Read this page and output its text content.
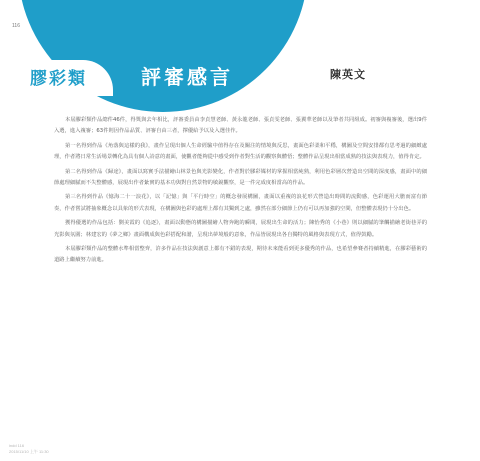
116
膠彩類	評審感言	陳英文

本屆膠彩類作品總件46件，得獎與去年相比，評審委員由李貞慧老師、黃永龍老師、張貞雯老師、張翼華老師以及筆者共同組成。初審與複審後，選出9件入選，進入複審；63件則因作品品質、評審自由三者，擇優給予以及入選佳作。

第一名得到作品《角落與這樣的我》，畫作呈現出個人生命經驗中值得存在及關注的情境與反思，畫面色彩柔和平穩，構圖及空間安排都有思考過的細緻處理，作者將日常生活場景轉化為具有個人詩意的畫面，使觀者能夠從中感受到作者對生活的觀察與體悟；整體作品呈現出相當成熟的技法與表現力，值得肯定。

第二名得到作品《歸途》，畫面以寫實手法描繪山林景色與光影變化，作者對於膠彩媒材的掌握相當純熟，利用色彩層次營造出空間的深度感，畫面中的細節處理細膩而不失整體感，展現出作者紮實的基本功與對自然景物的敏銳觀察，是一件完成度相當高的作品。

第三名得到作品《憶海二十一浪花》，以「記憶」與「平行時空」的概念發展構圖，畫面以重複的浪花形式營造出時間的流動感，色彩運用大膽而富有節奏，作者嘗試將抽象概念以具象的形式表現，在構圖與色彩的處理上都有其獨到之處，雖然在部分細節上仍有可以再加強的空間，但整體表現仍十分出色。

獲得優選的作品包括：劉美霞的《追逐》，畫面以動態的構圖描繪人物奔跑的瞬間，展現出生命的活力；陳怡秀的《小巷》則以細膩的筆觸描繪老街巷弄的光影與氛圍；林建宏的《夢之鄉》畫面構成與色彩搭配和諧，呈現出夢境般的意象，作品皆展現出各自獨特的風格與表現方式，值得鼓勵。

本屆膠彩類作品的整體水準相當整齊，許多作品在技法與創意上都有不錯的表現，期待未來能看到更多優秀的作品，也希望參賽者持續精進，在膠彩藝術的道路上繼續努力前進。

indd 116
2015/11/10 上午 11:30
